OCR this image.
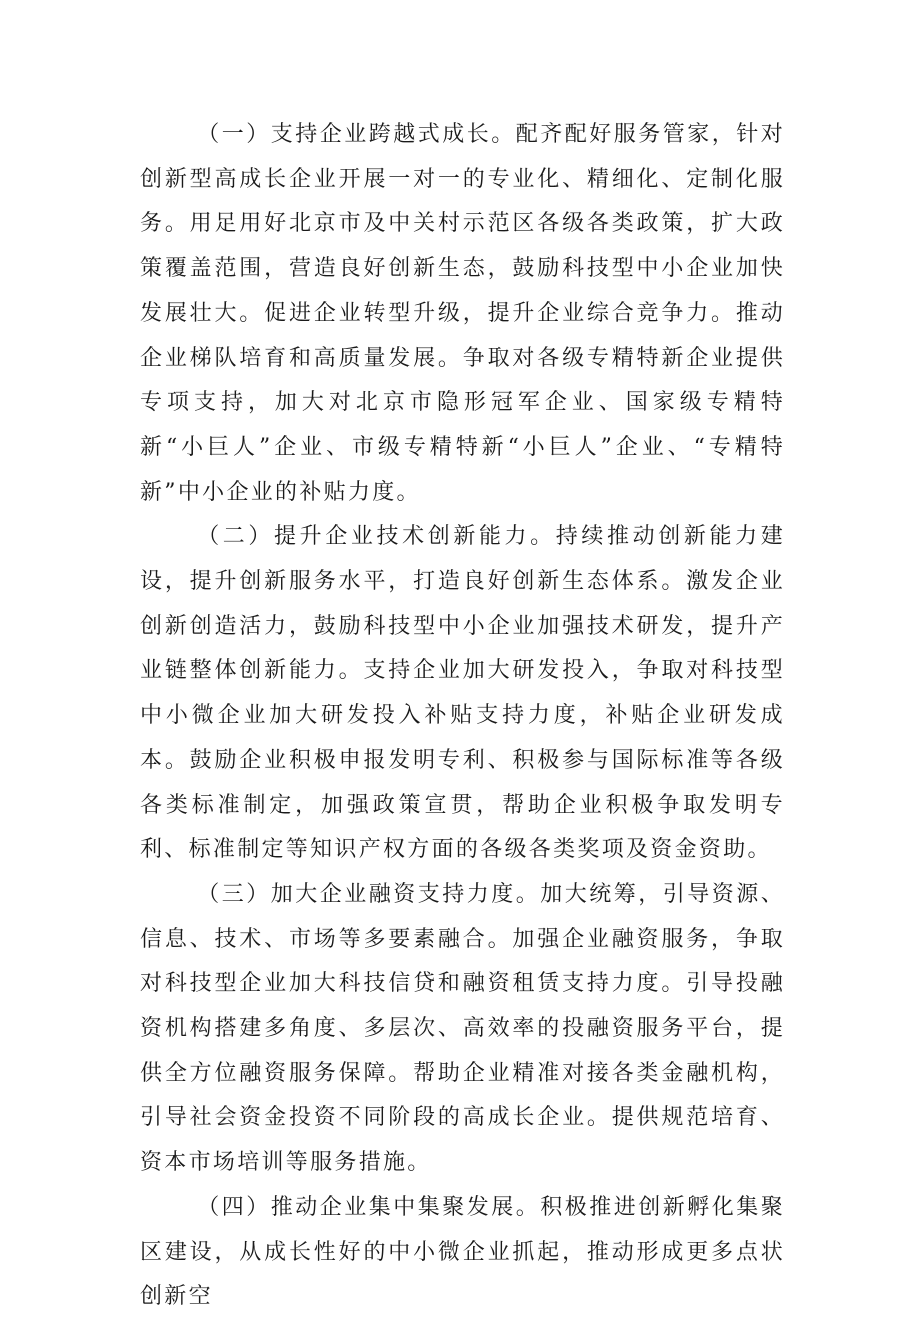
（一）支持企业跨越式成长。配齐配好服务管家，针对创新型高成长企业开展一对一的专业化、精细化、定制化服务。用足用好北京市及中关村示范区各级各类政策，扩大政策覆盖范围，营造良好创新生态，鼓励科技型中小企业加快发展壮大。促进企业转型升级，提升企业综合竞争力。推动企业梯队培育和高质量发展。争取对各级专精特新企业提供专项支持，加大对北京市隐形冠军企业、国家级专精特新“小巨人”企业、市级专精特新“小巨人”企业、“专精特新”中小企业的补贴力度。

（二）提升企业技术创新能力。持续推动创新能力建设，提升创新服务水平，打造良好创新生态体系。激发企业创新创造活力，鼓励科技型中小企业加强技术研发，提升产业链整体创新能力。支持企业加大研发投入，争取对科技型中小微企业加大研发投入补贴支持力度，补贴企业研发成本。鼓励企业积极申报发明专利、积极参与国际标准等各级各类标准制定，加强政策宣贯，帮助企业积极争取发明专利、标准制定等知识产权方面的各级各类奖项及资金资助。

（三）加大企业融资支持力度。加大统筹，引导资源、信息、技术、市场等多要素融合。加强企业融资服务，争取对科技型企业加大科技信贷和融资租赁支持力度。引导投融资机构搭建多角度、多层次、高效率的投融资服务平台，提供全方位融资服务保障。帮助企业精准对接各类金融机构，引导社会资金投资不同阶段的高成长企业。提供规范培育、资本市场培训等服务措施。

（四）推动企业集中集聚发展。积极推进创新孵化集聚区建设，从成长性好的中小微企业抓起，推动形成更多点状创新空
